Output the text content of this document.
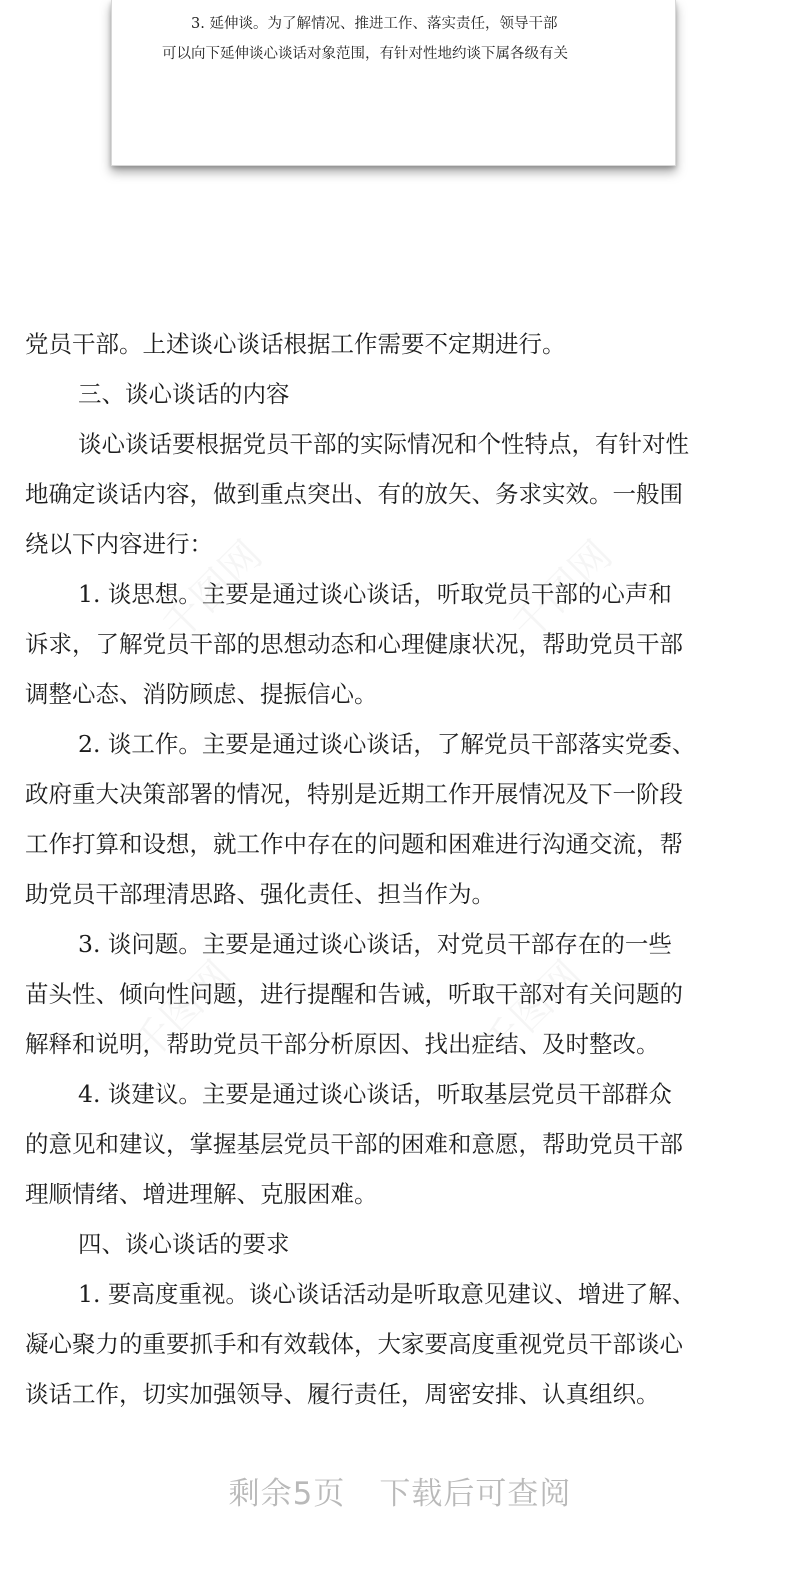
3. 延伸谈。为了解情况、推进工作、落实责任，领导干部
可以向下延伸谈心谈话对象范围，有针对性地约谈下属各级有关
千图网	千图网
千图网	千图网
党员干部。上述谈心谈话根据工作需要不定期进行。
三、谈心谈话的内容
谈心谈话要根据党员干部的实际情况和个性特点，有针对性
地确定谈话内容，做到重点突出、有的放矢、务求实效。一般围
绕以下内容进行：
1. 谈思想。主要是通过谈心谈话，听取党员干部的心声和
诉求，了解党员干部的思想动态和心理健康状况，帮助党员干部
调整心态、消防顾虑、提振信心。
2. 谈工作。主要是通过谈心谈话，了解党员干部落实党委、
政府重大决策部署的情况，特别是近期工作开展情况及下一阶段
工作打算和设想，就工作中存在的问题和困难进行沟通交流，帮
助党员干部理清思路、强化责任、担当作为。
3. 谈问题。主要是通过谈心谈话，对党员干部存在的一些
苗头性、倾向性问题，进行提醒和告诫，听取干部对有关问题的
解释和说明，帮助党员干部分析原因、找出症结、及时整改。
4. 谈建议。主要是通过谈心谈话，听取基层党员干部群众
的意见和建议，掌握基层党员干部的困难和意愿，帮助党员干部
理顺情绪、增进理解、克服困难。
四、谈心谈话的要求
1. 要高度重视。谈心谈话活动是听取意见建议、增进了解、
凝心聚力的重要抓手和有效载体，大家要高度重视党员干部谈心
谈话工作，切实加强领导、履行责任，周密安排、认真组织。
剩余5页 下载后可查阅
